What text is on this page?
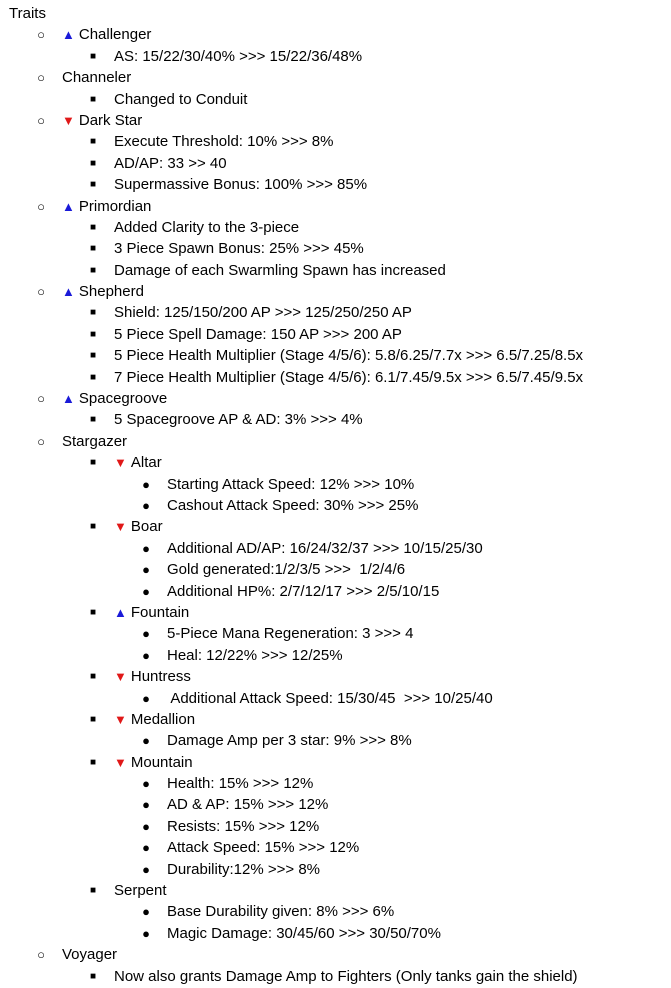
Traits
○	▲ Challenger
■	AS: 15/22/30/40% >>> 15/22/36/48%
○	Channeler
■	Changed to Conduit
○	▼ Dark Star
■	Execute Threshold: 10% >>> 8%
■	AD/AP: 33 >> 40
■	Supermassive Bonus: 100% >>> 85%
○	▲ Primordian
■	Added Clarity to the 3-piece
■	3 Piece Spawn Bonus: 25% >>> 45%
■	Damage of each Swarmling Spawn has increased
○	▲ Shepherd
■	Shield: 125/150/200 AP >>> 125/250/250 AP
■	5 Piece Spell Damage: 150 AP >>> 200 AP
■	5 Piece Health Multiplier (Stage 4/5/6): 5.8/6.25/7.7x >>> 6.5/7.25/8.5x
■	7 Piece Health Multiplier (Stage 4/5/6): 6.1/7.45/9.5x >>> 6.5/7.45/9.5x
○	▲ Spacegroove
■	5 Spacegroove AP & AD: 3% >>> 4%
○	Stargazer
■	▼ Altar
●	Starting Attack Speed: 12% >>> 10%
●	Cashout Attack Speed: 30% >>> 25%
■	▼ Boar
●	Additional AD/AP: 16/24/32/37 >>> 10/15/25/30
●	Gold generated:1/2/3/5 >>>  1/2/4/6
●	Additional HP%: 2/7/12/17 >>> 2/5/10/15
■	▲ Fountain
●	5-Piece Mana Regeneration: 3 >>> 4
●	Heal: 12/22% >>> 12/25%
■	▼ Huntress
●	Additional Attack Speed: 15/30/45  >>> 10/25/40
■	▼ Medallion
●	Damage Amp per 3 star: 9% >>> 8%
■	▼ Mountain
●	Health: 15% >>> 12%
●	AD & AP: 15% >>> 12%
●	Resists: 15% >>> 12%
●	Attack Speed: 15% >>> 12%
●	Durability:12% >>> 8%
■	Serpent
●	Base Durability given: 8% >>> 6%
●	Magic Damage: 30/45/60 >>> 30/50/70%
○	Voyager
■	Now also grants Damage Amp to Fighters (Only tanks gain the shield)
